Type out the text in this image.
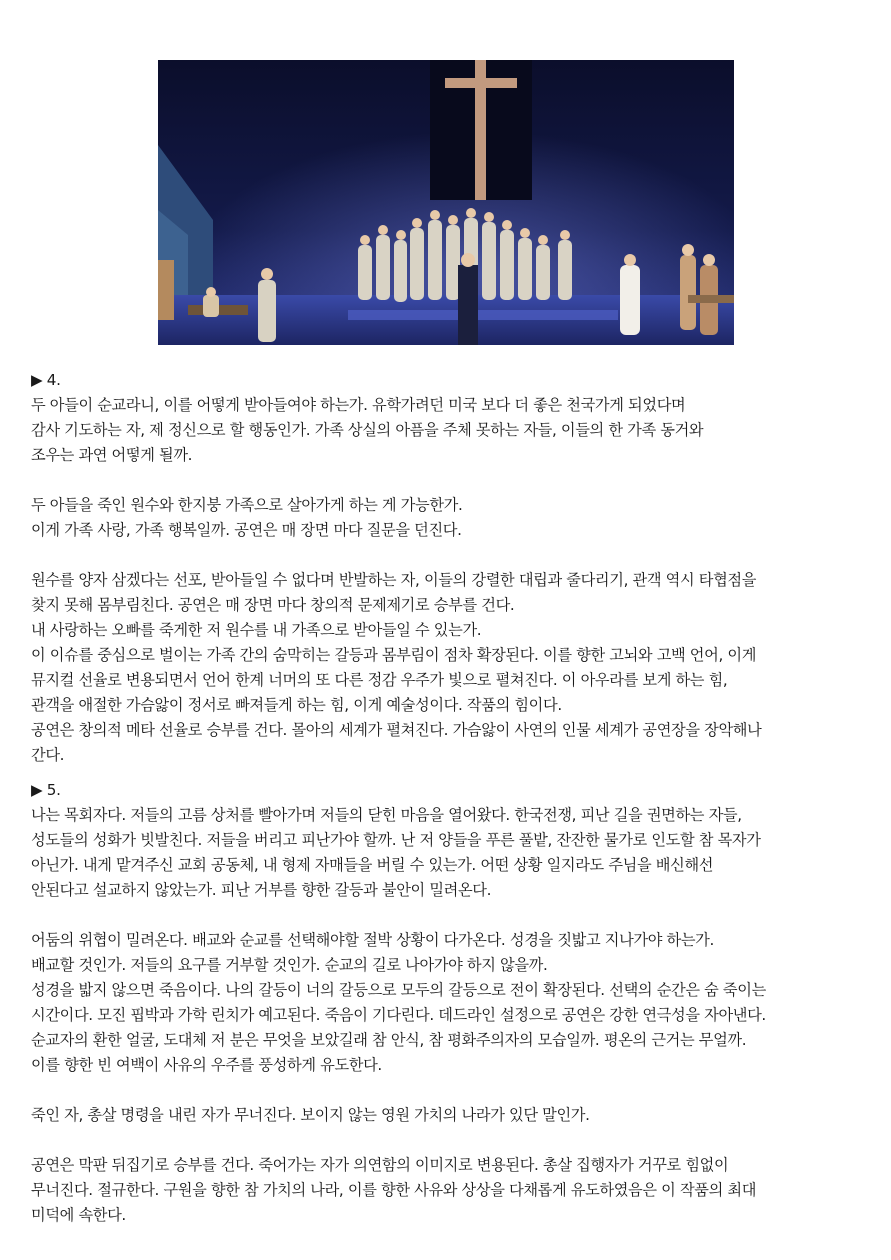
▶ 4.

두 아들이 순교라니, 이를 어떻게 받아들여야 하는가. 유학가려던 미국 보다 더 좋은 천국가게 되었다며

감사 기도하는 자, 제 정신으로 할 행동인가. 가족 상실의 아픔을 주체 못하는 자들, 이들의 한 가족 동거와

조우는 과연 어떻게 될까.

두 아들을 죽인 원수와 한지붕 가족으로 살아가게 하는 게 가능한가.

이게 가족 사랑, 가족 행복일까. 공연은 매 장면 마다 질문을 던진다.

원수를 양자 삼겠다는 선포, 받아들일 수 없다며 반발하는 자, 이들의 강렬한 대립과 줄다리기, 관객 역시 타협점을

찾지 못해 몸부림친다. 공연은 매 장면 마다 창의적 문제제기로 승부를 건다.

내 사랑하는 오빠를 죽게한 저 원수를 내 가족으로 받아들일 수 있는가.

이 이슈를 중심으로 벌이는 가족 간의 숨막히는 갈등과 몸부림이 점차 확장된다. 이를 향한 고뇌와 고백 언어, 이게

뮤지컬 선율로 변용되면서 언어 한계 너머의 또 다른 정감 우주가 빛으로 펼쳐진다. 이 아우라를 보게 하는 힘,

관객을 애절한 가슴앓이 정서로 빠져들게 하는 힘, 이게 예술성이다. 작품의 힘이다.

공연은 창의적 메타 선율로 승부를 건다. 몰아의 세계가 펼쳐진다. 가슴앓이 사연의 인물 세계가 공연장을 장악해나

간다.

▶ 5.

나는 목회자다. 저들의 고름 상처를 빨아가며 저들의 닫힌 마음을 열어왔다. 한국전쟁, 피난 길을 권면하는 자들,

성도들의 성화가 빗발친다. 저들을 버리고 피난가야 할까. 난 저 양들을 푸른 풀밭, 잔잔한 물가로 인도할 참 목자가

아닌가. 내게 맡겨주신 교회 공동체, 내 형제 자매들을 버릴 수 있는가. 어떤 상황 일지라도 주님을 배신해선

안된다고 설교하지 않았는가. 피난 거부를 향한 갈등과 불안이 밀려온다.

어둠의 위협이 밀려온다. 배교와 순교를 선택해야할 절박 상황이 다가온다. 성경을 짓밟고 지나가야 하는가.

배교할 것인가. 저들의 요구를 거부할 것인가. 순교의 길로 나아가야 하지 않을까.

성경을 밟지 않으면 죽음이다. 나의 갈등이 너의 갈등으로 모두의 갈등으로 전이 확장된다. 선택의 순간은 숨 죽이는

시간이다. 모진 핍박과 가학 린치가 예고된다. 죽음이 기다린다. 데드라인 설정으로 공연은 강한 연극성을 자아낸다.

순교자의 환한 얼굴, 도대체 저 분은 무엇을 보았길래 참 안식, 참 평화주의자의 모습일까. 평온의 근거는 무얼까.

이를 향한 빈 여백이 사유의 우주를 풍성하게 유도한다.

죽인 자, 총살 명령을 내린 자가 무너진다. 보이지 않는 영원 가치의 나라가 있단 말인가.

공연은 막판 뒤집기로 승부를 건다. 죽어가는 자가 의연함의 이미지로 변용된다. 총살 집행자가 거꾸로 힘없이

무너진다. 절규한다. 구원을 향한 참 가치의 나라, 이를 향한 사유와 상상을 다채롭게 유도하였음은 이 작품의 최대

미덕에 속한다.
